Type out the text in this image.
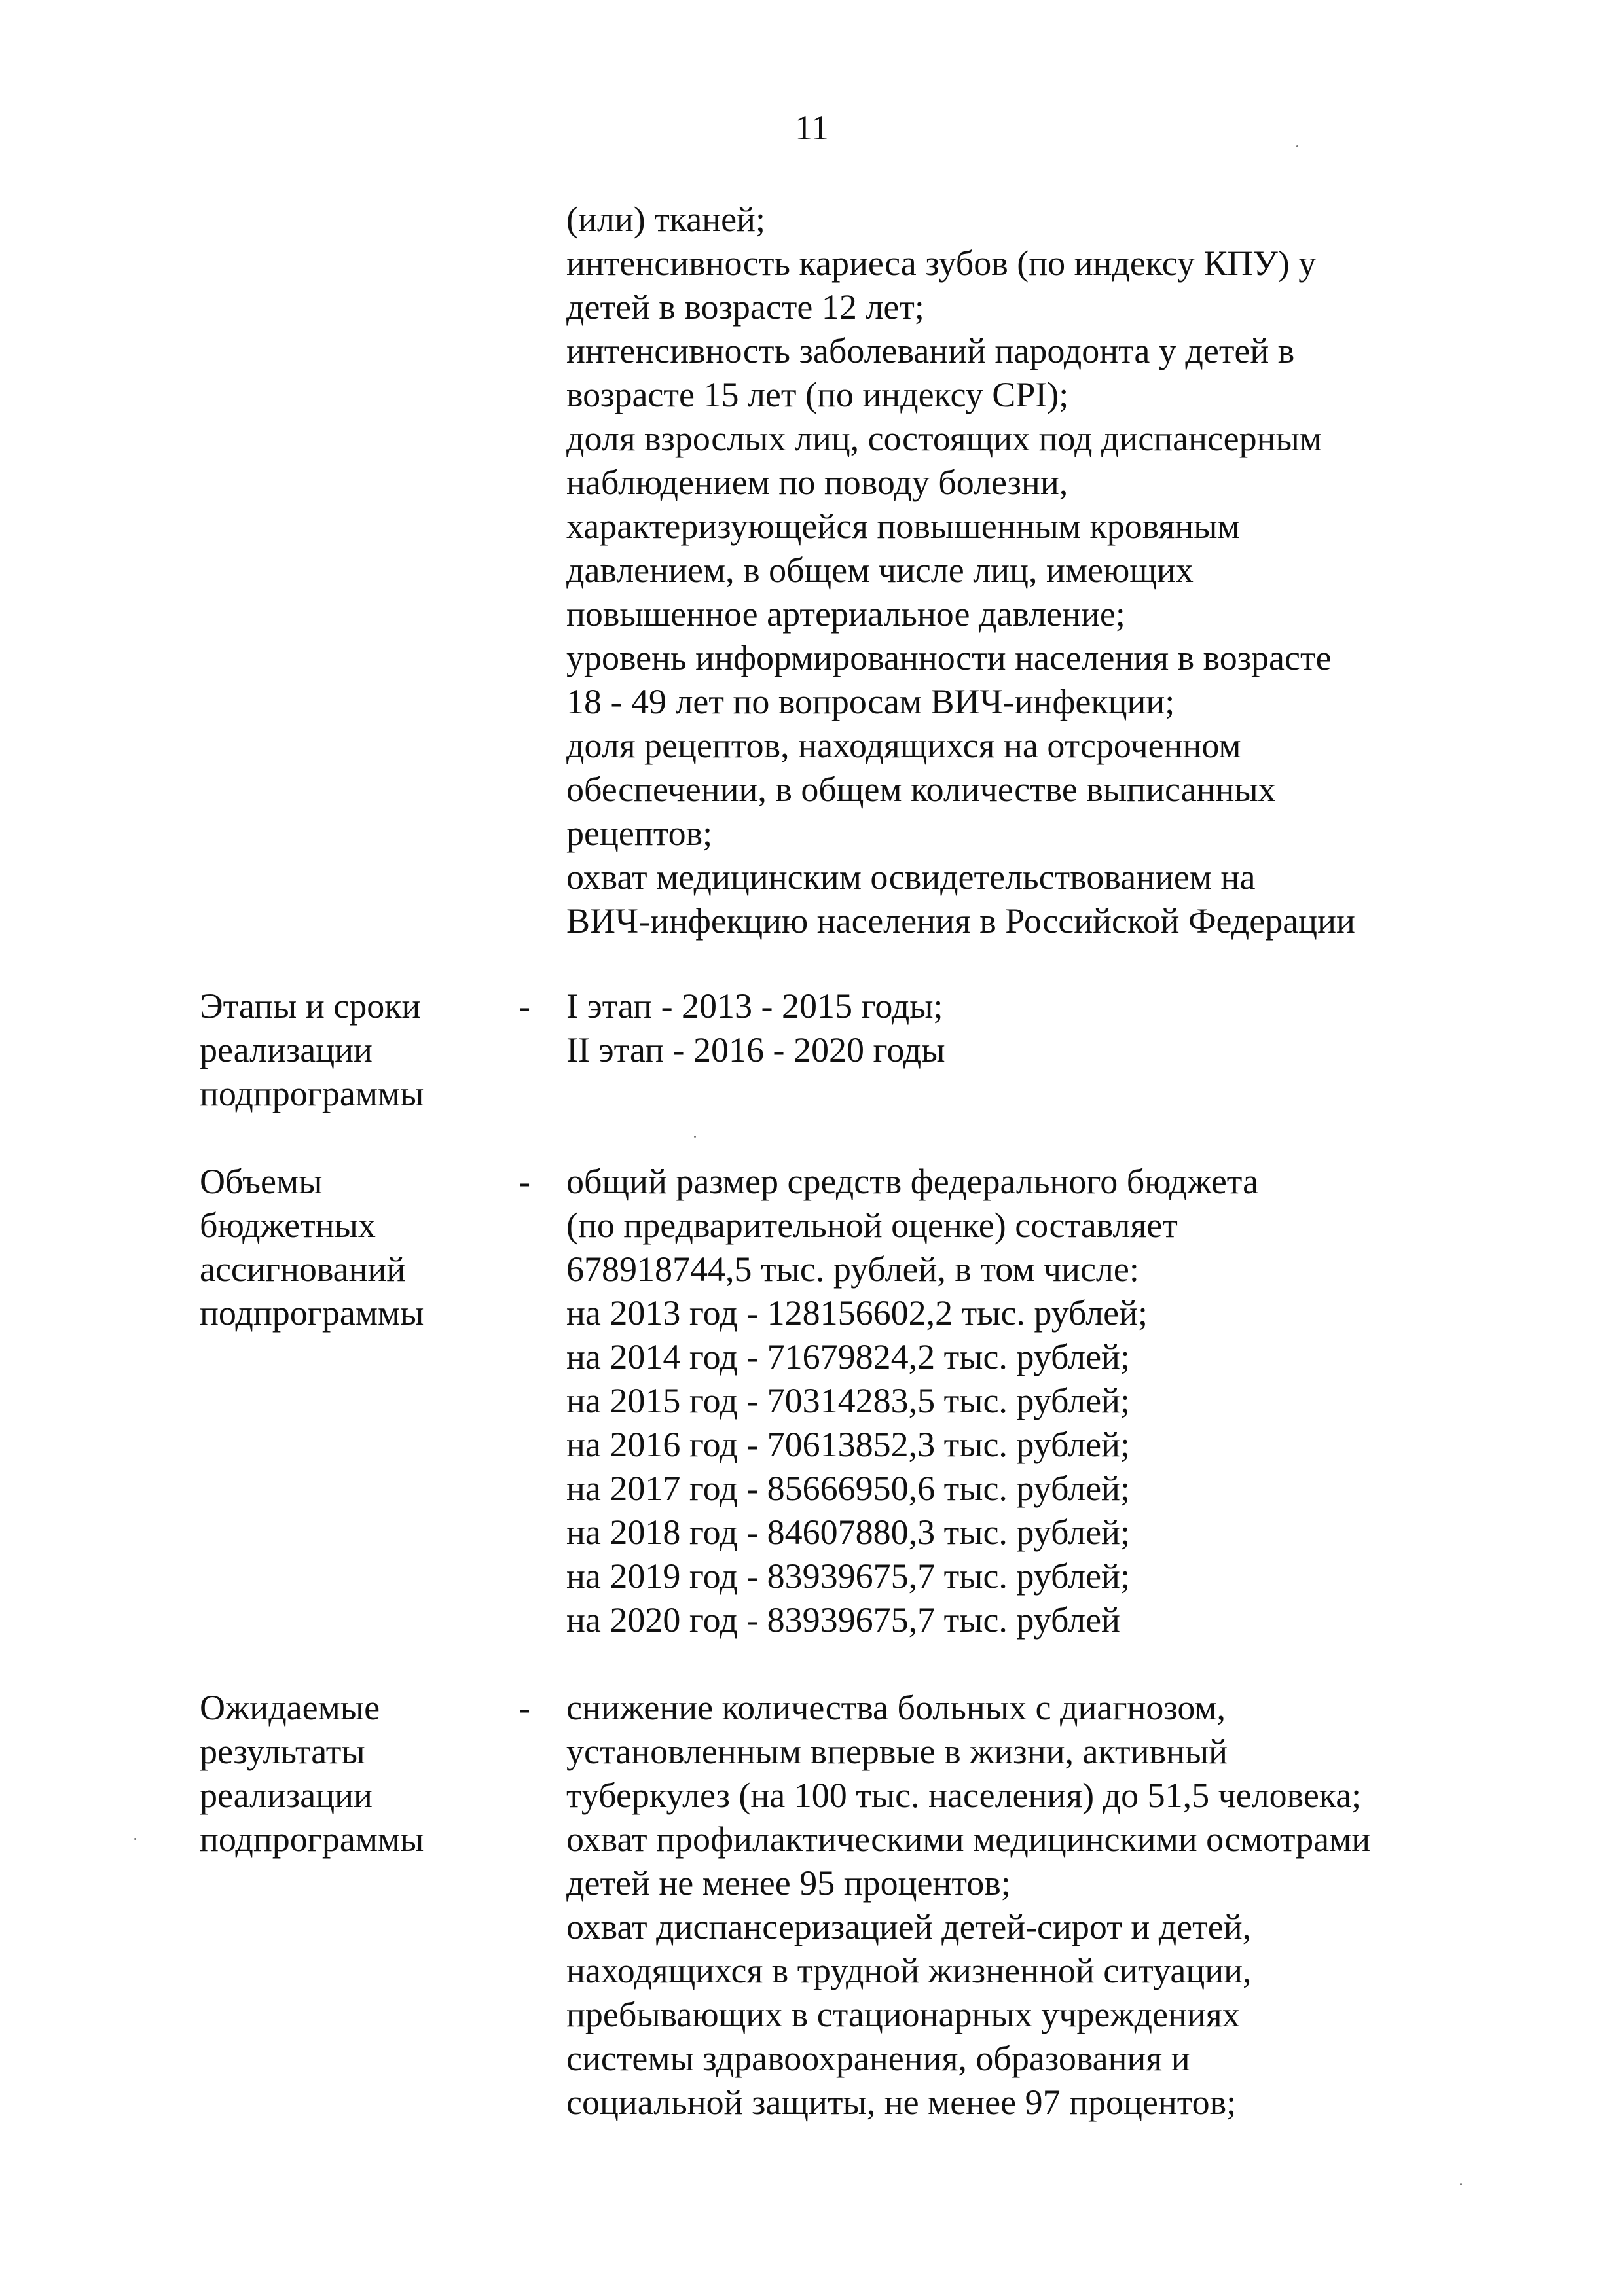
11
(или) тканей;
интенсивность кариеса зубов (по индексу КПУ) у
детей в возрасте 12 лет;
интенсивность заболеваний пародонта у детей в
возрасте 15 лет (по индексу CPI);
доля взрослых лиц, состоящих под диспансерным
наблюдением по поводу болезни,
характеризующейся повышенным кровяным
давлением, в общем числе лиц, имеющих
повышенное артериальное давление;
уровень информированности населения в возрасте
18 - 49 лет по вопросам ВИЧ-инфекции;
доля рецептов, находящихся на отсроченном
обеспечении, в общем количестве выписанных
рецептов;
охват медицинским освидетельствованием на
ВИЧ-инфекцию населения в Российской Федерации
Этапы и сроки
реализации
подпрограммы
- I этап - 2013 - 2015 годы;
II этап - 2016 - 2020 годы
Объемы
бюджетных
ассигнований
подпрограммы
- общий размер средств федерального бюджета
(по предварительной оценке) составляет
678918744,5 тыс. рублей, в том числе:
на 2013 год - 128156602,2 тыс. рублей;
на 2014 год - 71679824,2 тыс. рублей;
на 2015 год - 70314283,5 тыс. рублей;
на 2016 год - 70613852,3 тыс. рублей;
на 2017 год - 85666950,6 тыс. рублей;
на 2018 год - 84607880,3 тыс. рублей;
на 2019 год - 83939675,7 тыс. рублей;
на 2020 год - 83939675,7 тыс. рублей
Ожидаемые
результаты
реализации
подпрограммы
- снижение количества больных с диагнозом,
установленным впервые в жизни, активный
туберкулез (на 100 тыс. населения) до 51,5 человека;
охват профилактическими медицинскими осмотрами
детей не менее 95 процентов;
охват диспансеризацией детей-сирот и детей,
находящихся в трудной жизненной ситуации,
пребывающих в стационарных учреждениях
системы здравоохранения, образования и
социальной защиты, не менее 97 процентов;
